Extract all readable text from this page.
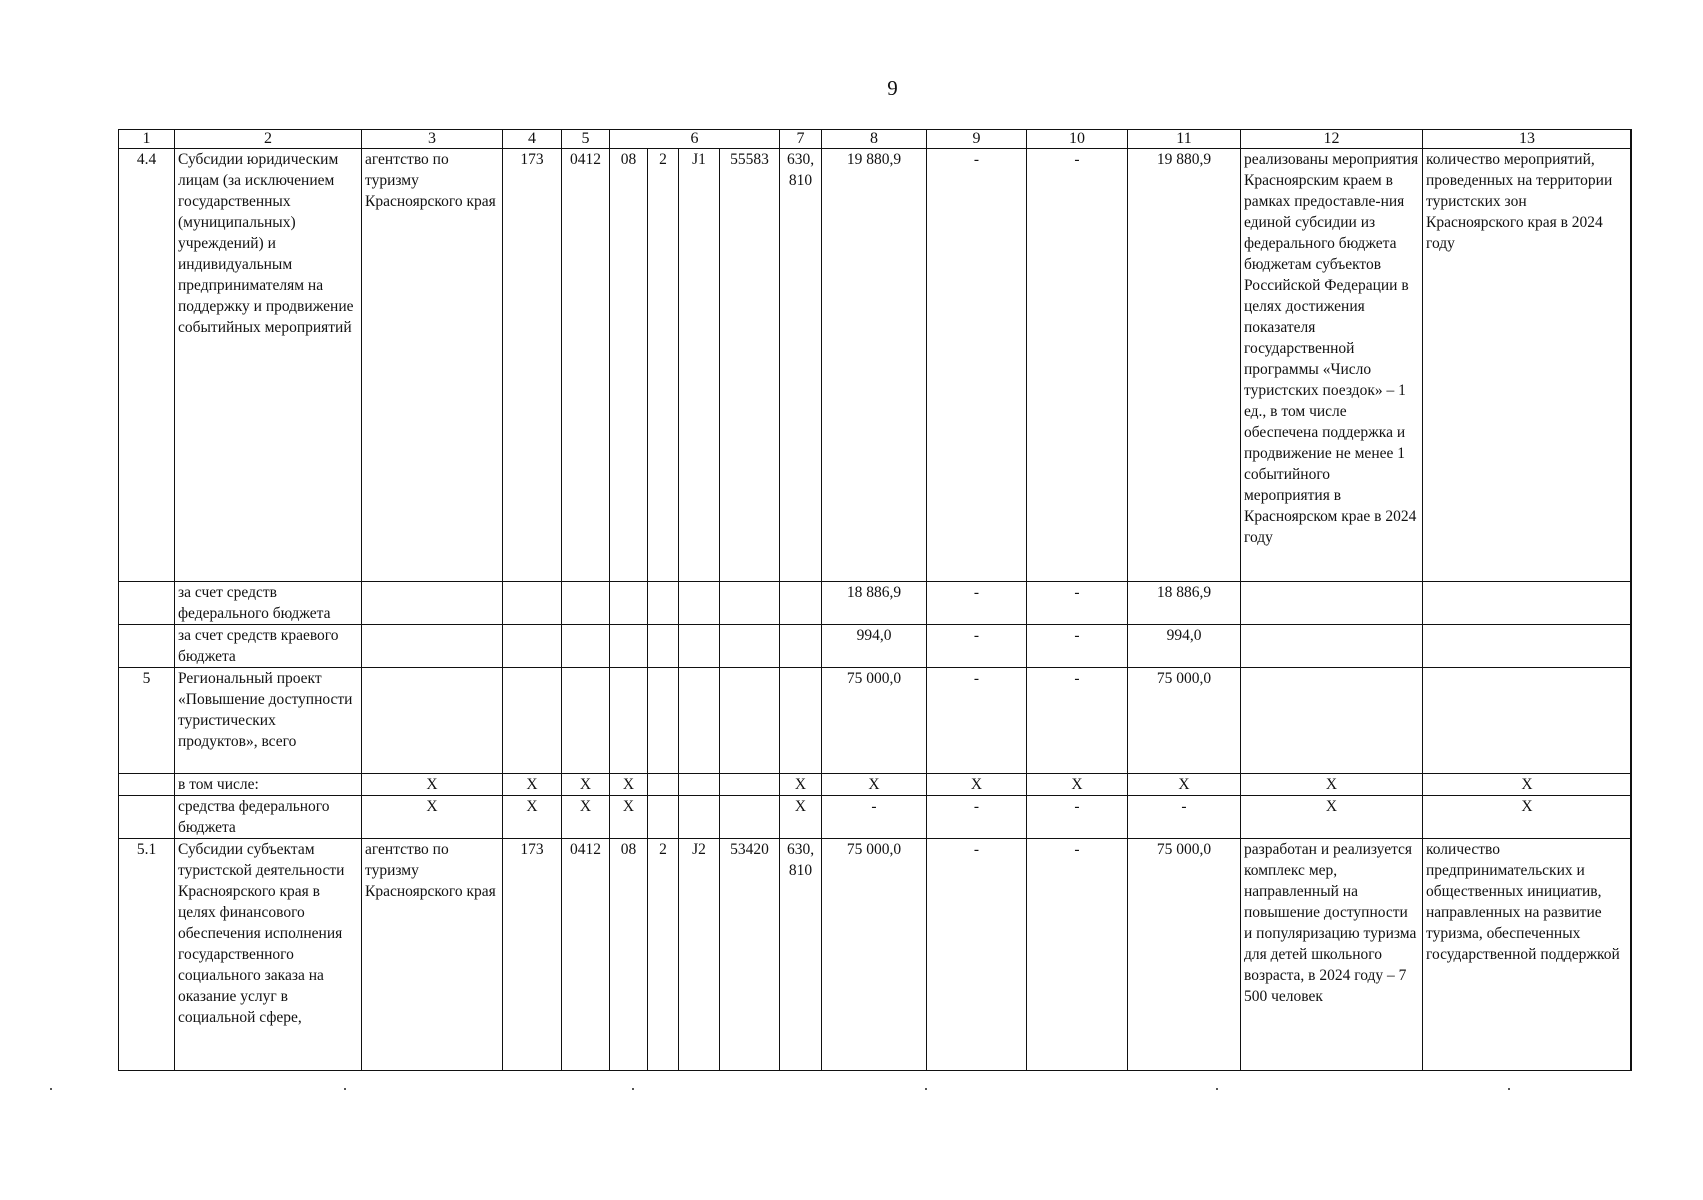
9
1	2	3	4	5	6				7	8	9	10	11	12	13
4.4	Субсидии юридическим лицам (за исключением государственных (муниципальных) учреждений) и индивидуальным предпринимателям на поддержку и продвижение событийных мероприятий	агентство по туризму Красноярского края	173	0412	08	2	J1	55583	630, 810	19 880,9	-	-	19 880,9	реализованы мероприятия Красноярским краем в рамках предоставле-ния единой субсидии из федерального бюджета бюджетам субъектов Российской Федерации в целях достижения показателя государственной программы «Число туристских поездок» – 1 ед., в том числе обеспечена поддержка и продвижение не менее 1 событийного мероприятия в Красноярском крае в 2024 году	количество мероприятий, проведенных на территории туристских зон Красноярского края в 2024 году
	за счет средств федерального бюджета									18 886,9	-	-	18 886,9		
	за счет средств краевого бюджета									994,0	-	-	994,0		
5	Региональный проект «Повышение доступности туристических продуктов», всего									75 000,0	-	-	75 000,0		
	в том числе:	X	X	X	X				X	X	X	X	X	X	X
	средства федерального бюджета	X	X	X	X				X	-	-	-	-	X	X
5.1	Субсидии субъектам туристской деятельности Красноярского края в целях финансового обеспечения исполнения государственного социального заказа на оказание услуг в социальной сфере,	агентство по туризму Красноярского края	173	0412	08	2	J2	53420	630, 810	75 000,0	-	-	75 000,0	разработан и реализуется комплекс мер, направленный на повышение доступности и популяризацию туризма для детей школьного возраста, в 2024 году – 7 500 человек	количество предпринимательских и общественных инициатив, направленных на развитие туризма, обеспеченных государственной поддержкой
